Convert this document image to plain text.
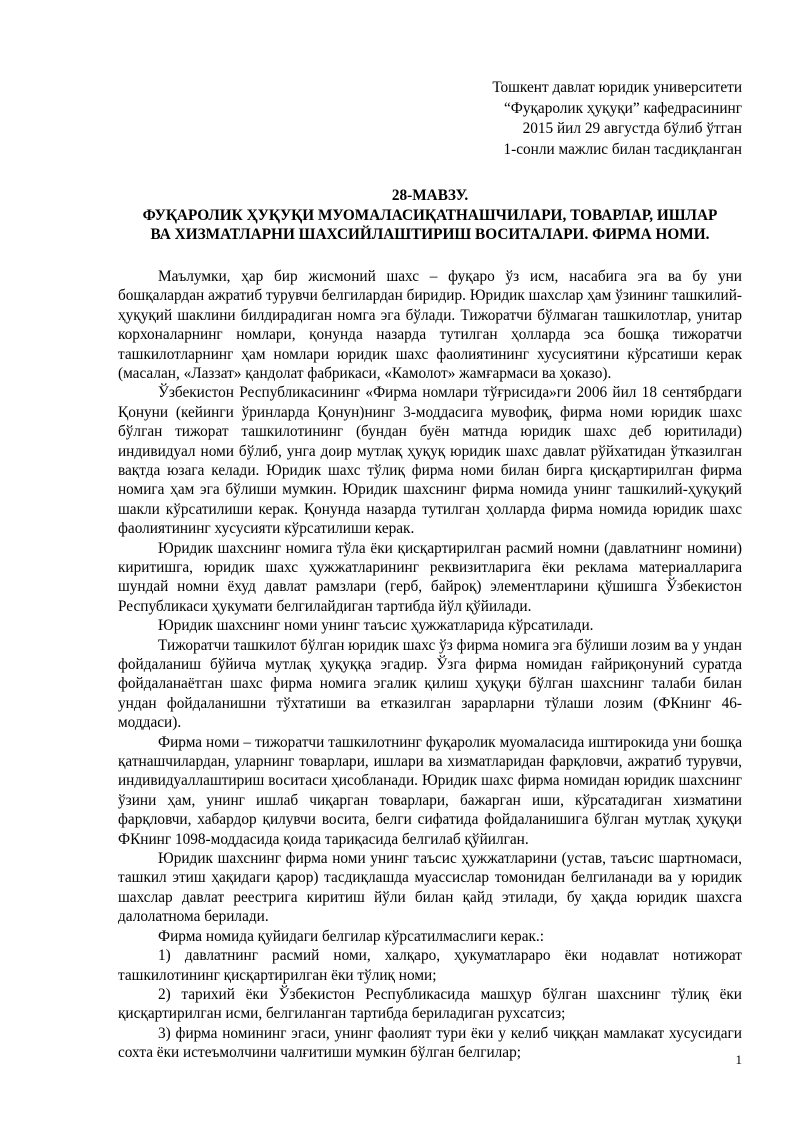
Тошкент давлат юридик университети
“Фуқаролик ҳуқуқи” кафедрасининг
2015 йил 29 августда бўлиб ўтган
1-сонли мажлис билан тасдиқланган
28-МАВЗУ.
ФУҚАРОЛИК ҲУҚУҚИ МУОМАЛАСИҚАТНАШЧИЛАРИ, ТОВАРЛАР, ИШЛАР
ВА ХИЗМАТЛАРНИ ШАХСИЙЛАШТИРИШ ВОСИТАЛАРИ. ФИРМА НОМИ.

Маълумки, ҳар бир жисмоний шахс – фуқаро ўз исм, насабига эга ва бу уни бошқалардан ажратиб турувчи белгилардан биридир. Юридик шахслар ҳам ўзининг ташкилий-ҳуқуқий шаклини билдирадиган номга эга бўлади. Тижоратчи бўлмаган ташкилотлар, унитар корхоналарнинг номлари, қонунда назарда тутилган ҳолларда эса бошқа тижоратчи ташкилотларнинг ҳам номлари юридик шахс фаолиятининг хусусиятини кўрсатиши керак (масалан, «Лаззат» қандолат фабрикаси, «Камолот» жамғармаси ва ҳоказо).

Ўзбекистон Республикасининг «Фирма номлари тўғрисида»ги 2006 йил 18 сентябрдаги Қонуни (кейинги ўринларда Қонун)нинг 3-моддасига мувофиқ, фирма номи юридик шахс бўлган тижорат ташкилотининг (бундан буён матнда юридик шахс деб юритилади) индивидуал номи бўлиб, унга доир мутлақ ҳуқуқ юридик шахс давлат рўйхатидан ўтказилган вақтда юзага келади. Юридик шахс тўлиқ фирма номи билан бирга қисқартирилган фирма номига ҳам эга бўлиши мумкин. Юридик шахснинг фирма номида унинг ташкилий-ҳуқуқий шакли кўрсатилиши керак. Қонунда назарда тутилган ҳолларда фирма номида юридик шахс фаолиятининг хусусияти кўрсатилиши керак.

Юридик шахснинг номига тўла ёки қисқартирилган расмий номни (давлатнинг номини) киритишга, юридик шахс ҳужжатларининг реквизитларига ёки реклама материалларига шундай номни ёхуд давлат рамзлари (герб, байроқ) элементларини қўшишга Ўзбекистон Республикаси ҳукумати белгилайдиган тартибда йўл қўйилади.

Юридик шахснинг номи унинг таъсис ҳужжатларида кўрсатилади.

Тижоратчи ташкилот бўлган юридик шахс ўз фирма номига эга бўлиши лозим ва у ундан фойдаланиш бўйича мутлақ ҳуқуққа эгадир. Ўзга фирма номидан ғайриқонуний суратда фойдаланаётган шахс фирма номига эгалик қилиш ҳуқуқи бўлган шахснинг талаби билан ундан фойдаланишни тўхтатиши ва етказилган зарарларни тўлаши лозим (ФКнинг 46-моддаси).

Фирма номи – тижоратчи ташкилотнинг фуқаролик муомаласида иштирокида уни бошқа қатнашчилардан, уларнинг товарлари, ишлари ва хизматларидан фарқловчи, ажратиб турувчи, индивидуаллаштириш воситаси ҳисобланади. Юридик шахс фирма номидан юридик шахснинг ўзини ҳам, унинг ишлаб чиқарган товарлари, бажарган иши, кўрсатадиган хизматини фарқловчи, хабардор қилувчи восита, белги сифатида фойдаланишига бўлган мутлақ ҳуқуқи ФКнинг 1098-моддасида қоида тариқасида белгилаб қўйилган.

Юридик шахснинг фирма номи унинг таъсис ҳужжатларини (устав, таъсис шартномаси, ташкил этиш ҳақидаги қарор) тасдиқлашда муассислар томонидан белгиланади ва у юридик шахслар давлат реестрига киритиш йўли билан қайд этилади, бу ҳақда юридик шахсга далолатнома берилади.

Фирма номида қуйидаги белгилар кўрсатилмаслиги керак.:

1) давлатнинг расмий номи, халқаро, ҳукуматлараро ёки нодавлат нотижорат ташкилотининг қисқартирилган ёки тўлиқ номи;

2) тарихий ёки Ўзбекистон Республикасида машҳур бўлган шахснинг тўлиқ ёки қисқартирилган исми, белгиланган тартибда бериладиган рухсатсиз;

3) фирма номининг эгаси, унинг фаолият тури ёки у келиб чиққан мамлакат хусусидаги сохта ёки истеъмолчини чалғитиши мумкин бўлган белгилар;	1
